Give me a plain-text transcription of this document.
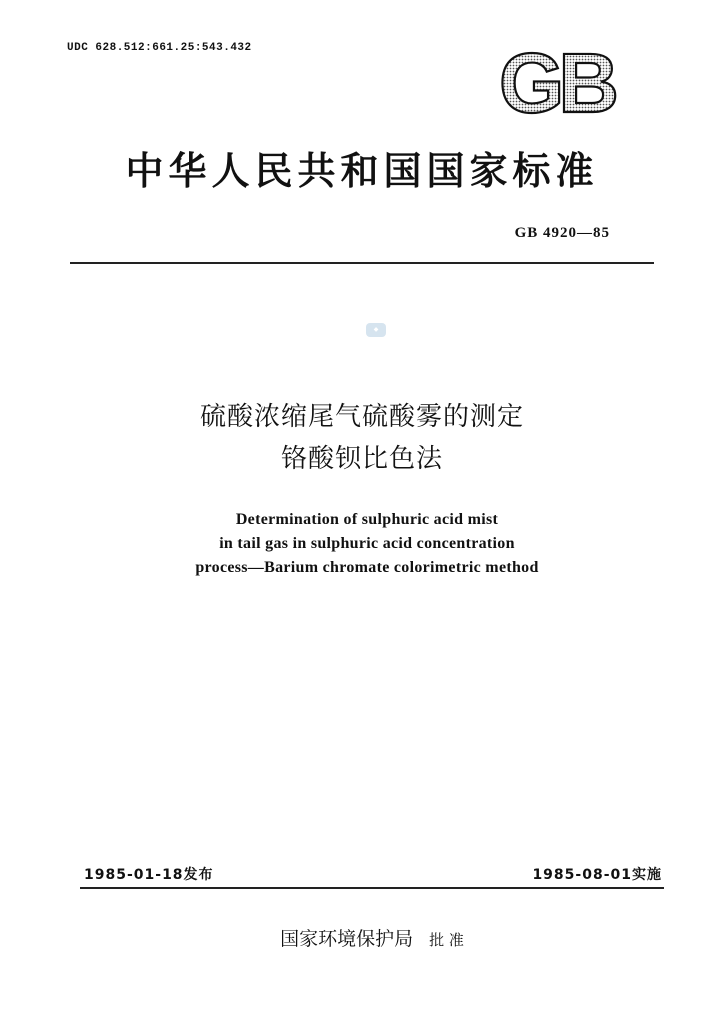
UDC 628.512:661.25:543.432	GB
中华人民共和国国家标准
GB 4920—85
◆
硫酸浓缩尾气硫酸雾的测定
铬酸钡比色法
Determination of sulphuric acid mist
in tail gas in sulphuric acid concentration
process—Barium chromate colorimetric method
1985-01-18发布	1985-08-01实施
国家环境保护局 批 准
